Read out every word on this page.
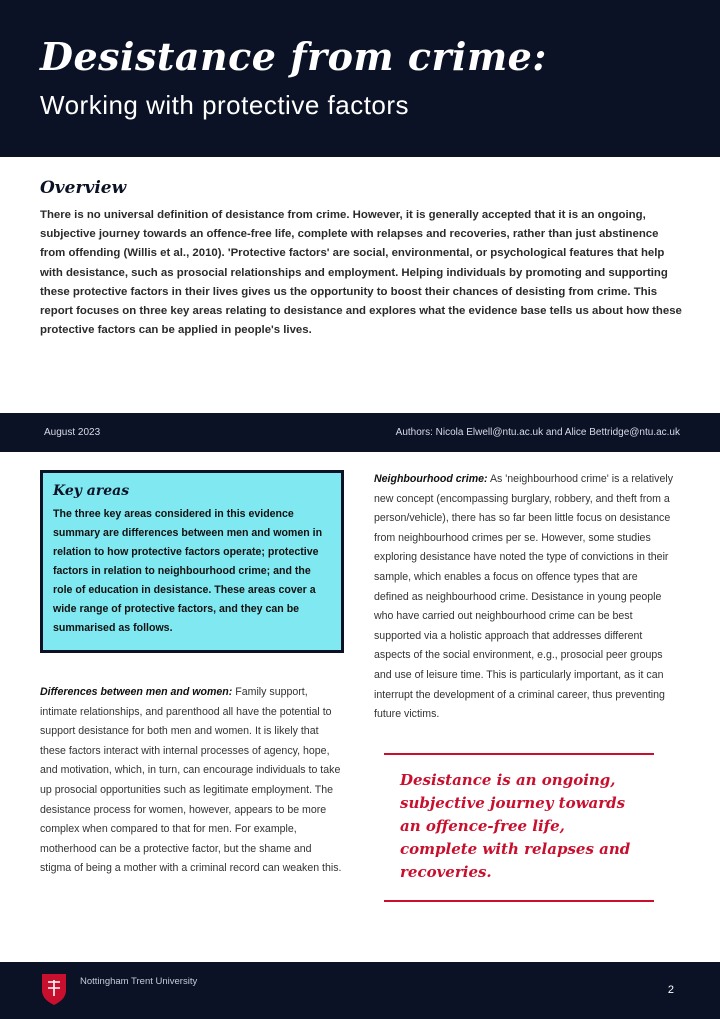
Desistance from crime:
Working with protective factors
Overview

There is no universal definition of desistance from crime. However, it is generally accepted that it is an ongoing, subjective journey towards an offence-free life, complete with relapses and recoveries, rather than just abstinence from offending (Willis et al., 2010). 'Protective factors' are social, environmental, or psychological features that help with desistance, such as prosocial relationships and employment. Helping individuals by promoting and supporting these protective factors in their lives gives us the opportunity to boost their chances of desisting from crime. This report focuses on three key areas relating to desistance and explores what the evidence base tells us about how these protective factors can be applied in people's lives.

August 2023	Authors: Nicola Elwell@ntu.ac.uk and Alice Bettridge@ntu.ac.uk
Key areas

The three key areas considered in this evidence summary are differences between men and women in relation to how protective factors operate; protective factors in relation to neighbourhood crime; and the role of education in desistance. These areas cover a wide range of protective factors, and they can be summarised as follows.

Differences between men and women: Family support, intimate relationships, and parenthood all have the potential to support desistance for both men and women. It is likely that these factors interact with internal processes of agency, hope, and motivation, which, in turn, can encourage individuals to take up prosocial opportunities such as legitimate employment. The desistance process for women, however, appears to be more complex when compared to that for men. For example, motherhood can be a protective factor, but the shame and stigma of being a mother with a criminal record can weaken this.

Neighbourhood crime: As 'neighbourhood crime' is a relatively new concept (encompassing burglary, robbery, and theft from a person/vehicle), there has so far been little focus on desistance from neighbourhood crimes per se. However, some studies exploring desistance have noted the type of convictions in their sample, which enables a focus on offence types that are defined as neighbourhood crime. Desistance in young people who have carried out neighbourhood crime can be best supported via a holistic approach that addresses different aspects of the social environment, e.g., prosocial peer groups and use of leisure time. This is particularly important, as it can interrupt the development of a criminal career, thus preventing future victims.

Desistance is an ongoing, subjective journey towards an offence-free life, complete with relapses and recoveries.

Nottingham Trent University
2
